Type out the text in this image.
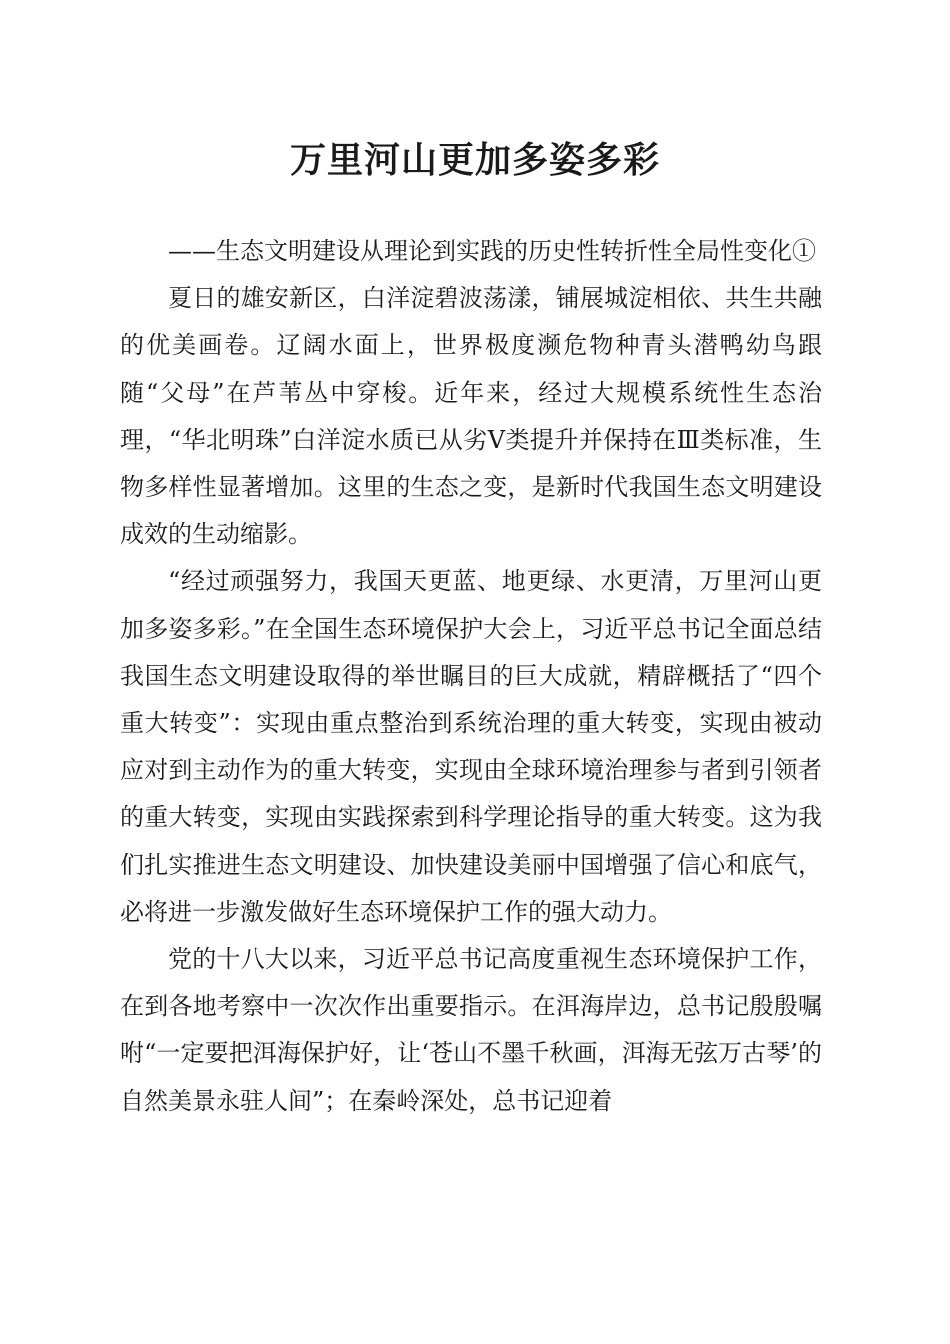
万里河山更加多姿多彩

——生态文明建设从理论到实践的历史性转折性全局性变化①

夏日的雄安新区，白洋淀碧波荡漾，铺展城淀相依、共生共融的优美画卷。辽阔水面上，世界极度濒危物种青头潜鸭幼鸟跟随“父母”在芦苇丛中穿梭。近年来，经过大规模系统性生态治理，“华北明珠”白洋淀水质已从劣Ⅴ类提升并保持在Ⅲ类标准，生物多样性显著增加。这里的生态之变，是新时代我国生态文明建设成效的生动缩影。

“经过顽强努力，我国天更蓝、地更绿、水更清，万里河山更加多姿多彩。”在全国生态环境保护大会上，习近平总书记全面总结我国生态文明建设取得的举世瞩目的巨大成就，精辟概括了“四个重大转变”：实现由重点整治到系统治理的重大转变，实现由被动应对到主动作为的重大转变，实现由全球环境治理参与者到引领者的重大转变，实现由实践探索到科学理论指导的重大转变。这为我们扎实推进生态文明建设、加快建设美丽中国增强了信心和底气，必将进一步激发做好生态环境保护工作的强大动力。

党的十八大以来，习近平总书记高度重视生态环境保护工作，在到各地考察中一次次作出重要指示。在洱海岸边，总书记殷殷嘱咐“一定要把洱海保护好，让‘苍山不墨千秋画，洱海无弦万古琴’的自然美景永驻人间”；在秦岭深处，总书记迎着
